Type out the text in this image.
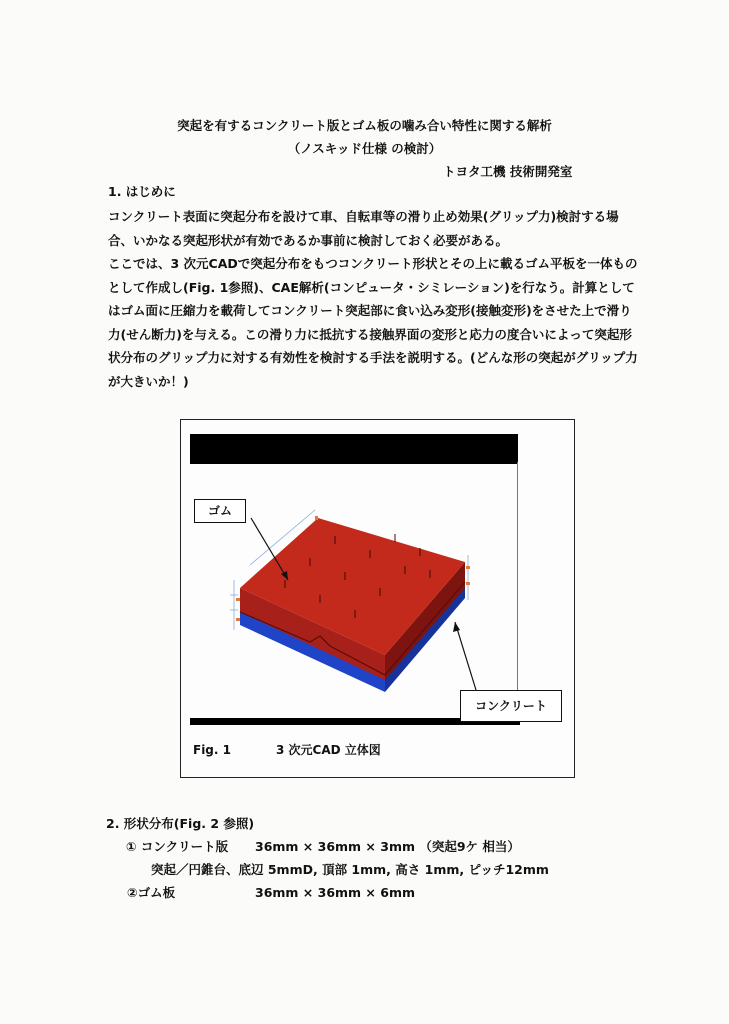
突起を有するコンクリート版とゴム板の噛み合い特性に関する解析
（ノスキッド仕様 の検討）
トヨタ工機 技術開発室
1. はじめに
コンクリート表面に突起分布を設けて車、自転車等の滑り止め効果(グリップ力)検討する場合、いかなる突起形状が有効であるか事前に検討しておく必要がある。
ここでは、3 次元CADで突起分布をもつコンクリート形状とその上に載るゴム平板を一体ものとして作成し(Fig. 1参照)、CAE解析(コンピュータ・シミレーション)を行なう。計算としてはゴム面に圧縮力を載荷してコンクリート突起部に食い込み変形(接触変形)をさせた上で滑り力(せん断力)を与える。この滑り力に抵抗する接触界面の変形と応力の度合いによって突起形状分布のグリップ力に対する有効性を検討する手法を説明する。(どんな形の突起がグリップ力が大きいか！)
ゴム
コンクリート
Fig. 1	3 次元CAD 立体図
2. 形状分布(Fig. 2 参照)
① コンクリート版 36mm × 36mm × 3mm （突起9ケ 相当）
突起／円錐台、底辺 5mmD, 頂部 1mm, 高さ 1mm, ピッチ12mm
②ゴム板	36mm × 36mm × 6mm
